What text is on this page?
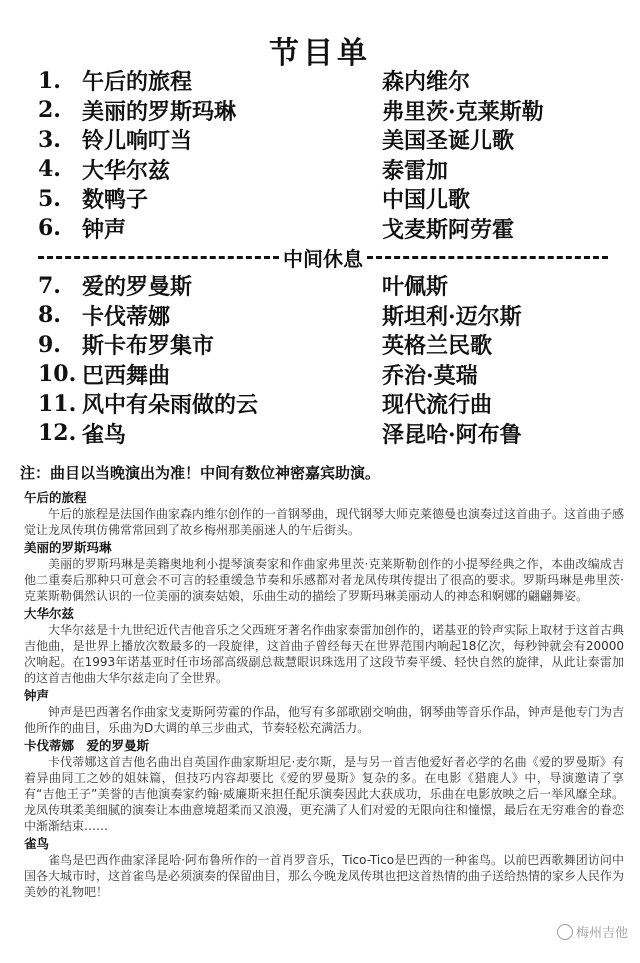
节目单
1. 午后的旅程	森内维尔
2. 美丽的罗斯玛琳	弗里茨·克莱斯勒
3. 铃儿响叮当	美国圣诞儿歌
4. 大华尔兹	泰雷加
5. 数鸭子	中国儿歌
6. 钟声	戈麦斯阿劳霍
中间休息
7. 爱的罗曼斯	叶佩斯
8. 卡伐蒂娜	斯坦利·迈尔斯
9. 斯卡布罗集市	英格兰民歌
10. 巴西舞曲	乔治·莫瑞
11. 风中有朵雨做的云	现代流行曲
12. 雀鸟	泽昆哈·阿布鲁
注：曲目以当晚演出为准！中间有数位神密嘉宾助演。
午后的旅程

午后的旅程是法国作曲家森内维尔创作的一首钢琴曲，现代钢琴大师克莱德曼也演奏过这首曲子。这首曲子感觉让龙凤传琪仿佛常常回到了故乡梅州那美丽迷人的午后街头。

美丽的罗斯玛琳

美丽的罗斯玛琳是美籍奥地利小提琴演奏家和作曲家弗里茨·克莱斯勒创作的小提琴经典之作，本曲改编成吉他二重奏后那种只可意会不可言的轻重缓急节奏和乐感都对者龙凤传琪传提出了很高的要求。罗斯玛琳是弗里茨·克莱斯勒偶然认识的一位美丽的演奏姑娘，乐曲生动的描绘了罗斯玛琳美丽动人的神态和婀娜的翩翩舞姿。

大华尔兹

大华尔兹是十九世纪近代吉他音乐之父西班牙著名作曲家泰雷加创作的，诺基亚的铃声实际上取材于这首古典吉他曲，是世界上播放次数最多的一段旋律，这首曲子曾经每天在世界范围内响起18亿次，每秒钟就会有20000次响起。在1993年诺基亚时任市场部高级副总裁慧眼识珠选用了这段节奏平缓、轻快自然的旋律，从此让泰雷加的这首吉他曲大华尔兹走向了全世界。

钟声

钟声是巴西著名作曲家戈麦斯阿劳霍的作品，他写有多部歌剧交响曲，钢琴曲等音乐作品，钟声是他专门为吉他所作的曲目，乐曲为D大调的单三步曲式，节奏轻松充满活力。

卡伐蒂娜　爱的罗曼斯

卡伐蒂娜这首吉他名曲出自英国作曲家斯坦尼·麦尔斯，是与另一首吉他爱好者必学的名曲《爱的罗曼斯》有着异曲同工之妙的姐妹篇，但技巧内容却要比《爱的罗曼斯》复杂的多。在电影《猎鹿人》中，导演邀请了享有“吉他王子”美誉的吉他演奏家约翰·威廉斯来担任配乐演奏因此大获成功，乐曲在电影放映之后一举风靡全球。龙凤传琪柔美细腻的演奏让本曲意境超柔而又浪漫，更充满了人们对爱的无限向往和憧憬，最后在无穷难舍的眷恋中渐渐结束……

雀鸟

雀鸟是巴西作曲家泽昆哈·阿布鲁所作的一首肖罗音乐，Tico-Tico是巴西的一种雀鸟。以前巴西歌舞团访问中国各大城市时，这首雀鸟是必须演奏的保留曲目，那么今晚龙凤传琪也把这首热情的曲子送给热情的家乡人民作为美妙的礼物吧！

梅州吉他
